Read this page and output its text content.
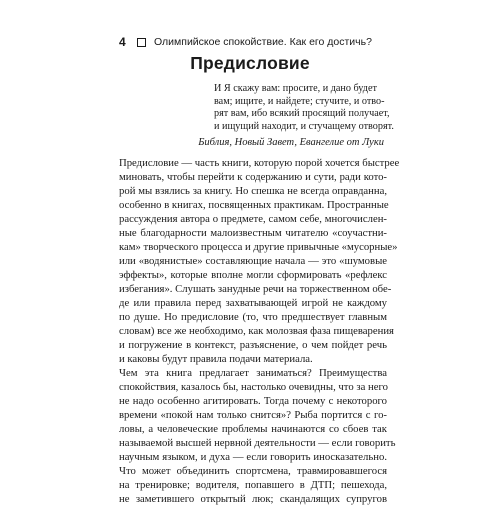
4	Олимпийское спокойствие. Как его достичь?
Предисловие
И Я скажу вам: просите, и дано будет
вам; ищите, и найдете; стучите, и отво-
рят вам, ибо всякий просящий получает,
и ищущий находит, и стучащему отворят.
Библия, Новый Завет, Евангелие от Луки
Предисловие — часть книги, которую порой хочется быстрее
миновать, чтобы перейти к содержанию и сути, ради кото-
рой мы взялись за книгу. Но спешка не всегда оправданна,
особенно в книгах, посвященных практикам. Пространные
рассуждения автора о предмете, самом себе, многочислен-
ные благодарности малоизвестным читателю «соучастни-
кам» творческого процесса и другие привычные «мусорные»
или «водянистые» составляющие начала — это «шумовые
эффекты», которые вполне могли сформировать «рефлекс
избегания». Слушать занудные речи на торжественном обе-
де или правила перед захватывающей игрой не каждому
по душе. Но предисловие (то, что предшествует главным
словам) все же необходимо, как молозвая фаза пищеварения
и погружение в контекст, разъяснение, о чем пойдет речь
и каковы будут правила подачи материала.
Чем эта книга предлагает заниматься? Преимущества
спокойствия, казалось бы, настолько очевидны, что за него
не надо особенно агитировать. Тогда почему с некоторого
времени «покой нам только снится»? Рыба портится с го-
ловы, а человеческие проблемы начинаются со сбоев так
называемой высшей нервной деятельности — если говорить
научным языком, и духа — если говорить иносказательно.
Что может объединить спортсмена, травмировавшегося
на тренировке; водителя, попавшего в ДТП; пешехода,
не заметившего открытый люк; скандалящих супругов
